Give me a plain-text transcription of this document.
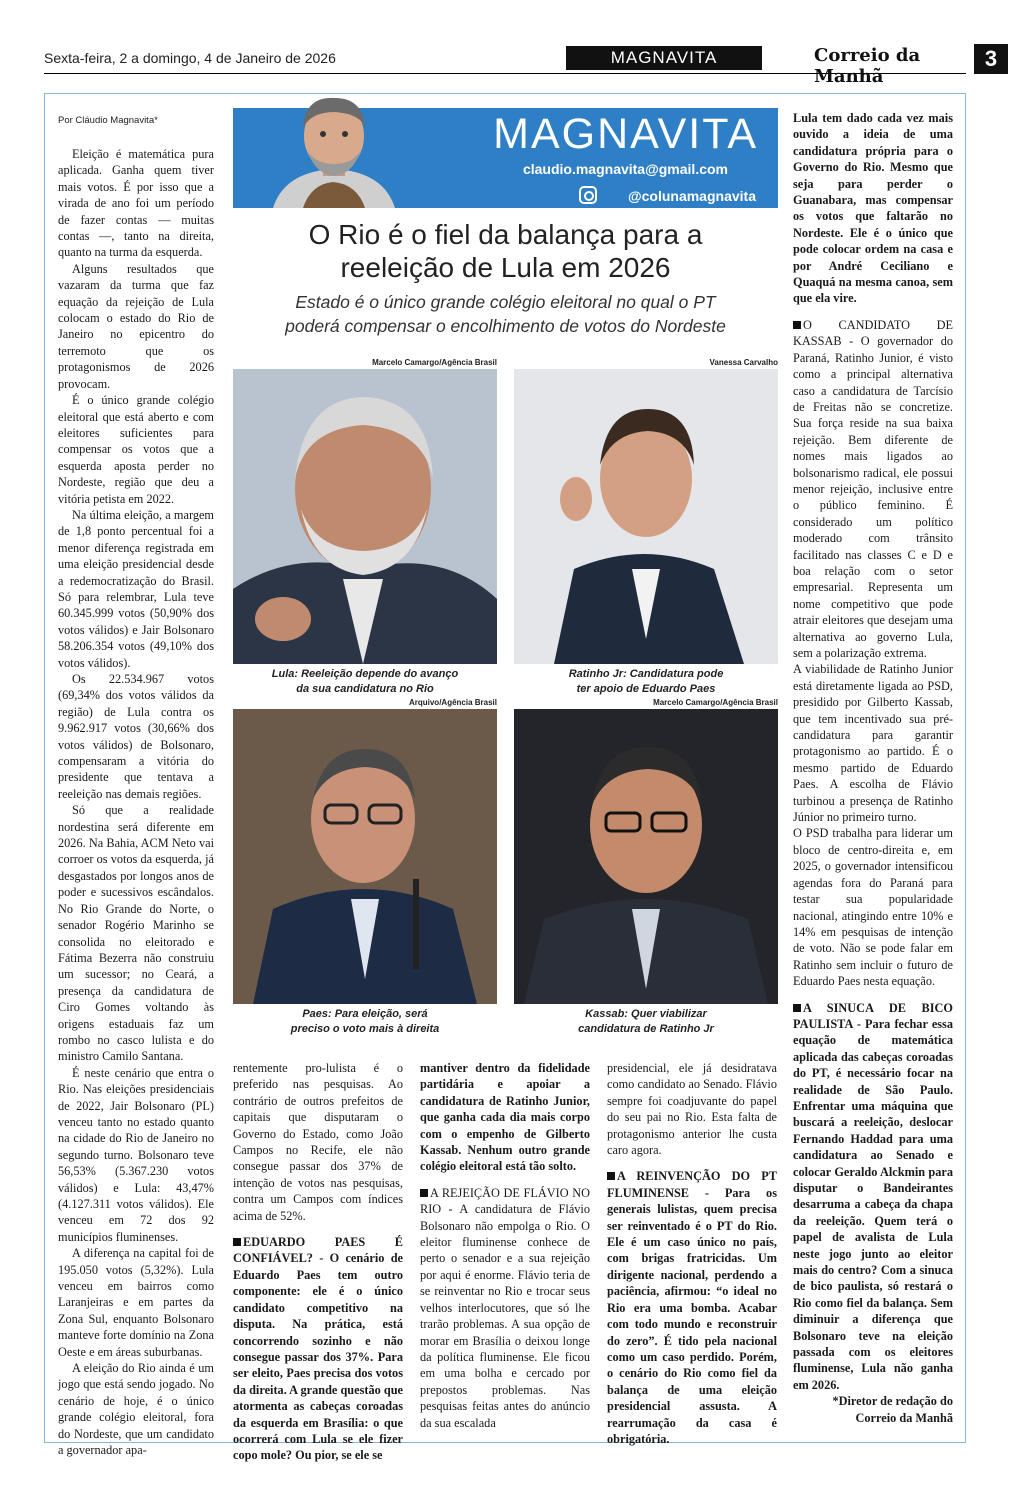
Sexta-feira, 2 a domingo, 4 de Janeiro de 2026	MAGNAVITA	Correio da Manhã
3
Por Cláudio Magnavita*

Eleição é matemática pura aplicada. Ganha quem tiver mais votos. É por isso que a virada de ano foi um período de fazer contas — muitas contas —, tanto na direita, quanto na turma da esquerda.

Alguns resultados que vazaram da turma que faz equação da rejeição de Lula colocam o estado do Rio de Janeiro no epicentro do terremoto que os protagonismos de 2026 provocam.

É o único grande colégio eleitoral que está aberto e com eleitores suficientes para compensar os votos que a esquerda aposta perder no Nordeste, região que deu a vitória petista em 2022.

Na última eleição, a margem de 1,8 ponto percentual foi a menor diferença registrada em uma eleição presidencial desde a redemocratização do Brasil. Só para relembrar, Lula teve 60.345.999 votos (50,90% dos votos válidos) e Jair Bolsonaro 58.206.354 votos (49,10% dos votos válidos).

Os 22.534.967 votos (69,34% dos votos válidos da região) de Lula contra os 9.962.917 votos (30,66% dos votos válidos) de Bolsonaro, compensaram a vitória do presidente que tentava a reeleição nas demais regiões.

Só que a realidade nordestina será diferente em 2026. Na Bahia, ACM Neto vai corroer os votos da esquerda, já desgastados por longos anos de poder e sucessivos escândalos. No Rio Grande do Norte, o senador Rogério Marinho se consolida no eleitorado e Fátima Bezerra não construiu um sucessor; no Ceará, a presença da candidatura de Ciro Gomes voltando às origens estaduais faz um rombo no casco lulista e do ministro Camilo Santana.

É neste cenário que entra o Rio. Nas eleições presidenciais de 2022, Jair Bolsonaro (PL) venceu tanto no estado quanto na cidade do Rio de Janeiro no segundo turno. Bolsonaro teve 56,53% (5.367.230 votos válidos) e Lula: 43,47% (4.127.311 votos válidos). Ele venceu em 72 dos 92 municípios fluminenses.

A diferença na capital foi de 195.050 votos (5,32%). Lula venceu em bairros como Laranjeiras e em partes da Zona Sul, enquanto Bolsonaro manteve forte domínio na Zona Oeste e em áreas suburbanas.

A eleição do Rio ainda é um jogo que está sendo jogado. No cenário de hoje, é o único grande colégio eleitoral, fora do Nordeste, que um candidato a governador apa-

MAGNAVITA
claudio.magnavita@gmail.com
@colunamagnavita
O Rio é o fiel da balança para a
reeleição de Lula em 2026
Estado é o único grande colégio eleitoral no qual o PT
poderá compensar o encolhimento de votos do Nordeste
Marcelo Camargo/Agência Brasil
Lula: Reeleição depende do avanço
da sua candidatura no Rio
Vanessa Carvalho
Ratinho Jr: Candidatura pode
ter apoio de Eduardo Paes
Arquivo/Agência Brasil
Paes: Para eleição, será
preciso o voto mais à direita
Marcelo Camargo/Agência Brasil
Kassab: Quer viabilizar
candidatura de Ratinho Jr

rentemente pro-lulista é o preferido nas pesquisas. Ao contrário de outros prefeitos de capitais que disputaram o Governo do Estado, como João Campos no Recife, ele não consegue passar dos 37% de intenção de votos nas pesquisas, contra um Campos com índices acima de 52%.

EDUARDO PAES É CONFIÁVEL? - O cenário de Eduardo Paes tem outro componente: ele é o único candidato competitivo na disputa. Na prática, está concorrendo sozinho e não consegue passar dos 37%. Para ser eleito, Paes precisa dos votos da direita. A grande questão que atormenta as cabeças coroadas da esquerda em Brasília: o que ocorrerá com Lula se ele fizer copo mole? Ou pior, se ele se

mantiver dentro da fidelidade partidária e apoiar a candidatura de Ratinho Junior, que ganha cada dia mais corpo com o empenho de Gilberto Kassab. Nenhum outro grande colégio eleitoral está tão solto.

A REJEIÇÃO DE FLÁVIO NO RIO - A candidatura de Flávio Bolsonaro não empolga o Rio. O eleitor fluminense conhece de perto o senador e a sua rejeição por aqui é enorme. Flávio teria de se reinventar no Rio e trocar seus velhos interlocutores, que só lhe trarão problemas. A sua opção de morar em Brasília o deixou longe da política fluminense. Ele ficou em uma bolha e cercado por prepostos problemas. Nas pesquisas feitas antes do anúncio da sua escalada

presidencial, ele já desidratava como candidato ao Senado. Flávio sempre foi coadjuvante do papel do seu pai no Rio. Esta falta de protagonismo anterior lhe custa caro agora.

A REINVENÇÃO DO PT FLUMINENSE - Para os generais lulistas, quem precisa ser reinventado é o PT do Rio. Ele é um caso único no país, com brigas fratricidas. Um dirigente nacional, perdendo a paciência, afirmou: “o ideal no Rio era uma bomba. Acabar com todo mundo e reconstruir do zero”. É tido pela nacional como um caso perdido. Porém, o cenário do Rio como fiel da balança de uma eleição presidencial assusta. A rearrumação da casa é obrigatória.

Lula tem dado cada vez mais ouvido a ideia de uma candidatura própria para o Governo do Rio. Mesmo que seja para perder o Guanabara, mas compensar os votos que faltarão no Nordeste. Ele é o único que pode colocar ordem na casa e por André Ceciliano e Quaquá na mesma canoa, sem que ela vire.

O CANDIDATO DE KASSAB - O governador do Paraná, Ratinho Junior, é visto como a principal alternativa caso a candidatura de Tarcísio de Freitas não se concretize. Sua força reside na sua baixa rejeição. Bem diferente de nomes mais ligados ao bolsonarismo radical, ele possui menor rejeição, inclusive entre o público feminino. É considerado um político moderado com trânsito facilitado nas classes C e D e boa relação com o setor empresarial. Representa um nome competitivo que pode atrair eleitores que desejam uma alternativa ao governo Lula, sem a polarização extrema.

A viabilidade de Ratinho Junior está diretamente ligada ao PSD, presidido por Gilberto Kassab, que tem incentivado sua pré-candidatura para garantir protagonismo ao partido. É o mesmo partido de Eduardo Paes. A escolha de Flávio turbinou a presença de Ratinho Júnior no primeiro turno.

O PSD trabalha para liderar um bloco de centro-direita e, em 2025, o governador intensificou agendas fora do Paraná para testar sua popularidade nacional, atingindo entre 10% e 14% em pesquisas de intenção de voto. Não se pode falar em Ratinho sem incluir o futuro de Eduardo Paes nesta equação.

A SINUCA DE BICO PAULISTA - Para fechar essa equação de matemática aplicada das cabeças coroadas do PT, é necessário focar na realidade de São Paulo. Enfrentar uma máquina que buscará a reeleição, deslocar Fernando Haddad para uma candidatura ao Senado e colocar Geraldo Alckmin para disputar o Bandeirantes desarruma a cabeça da chapa da reeleição. Quem terá o papel de avalista de Lula neste jogo junto ao eleitor mais do centro? Com a sinuca de bico paulista, só restará o Rio como fiel da balança. Sem diminuir a diferença que Bolsonaro teve na eleição passada com os eleitores fluminense, Lula não ganha em 2026.

*Diretor de redação do
Correio da Manhã
